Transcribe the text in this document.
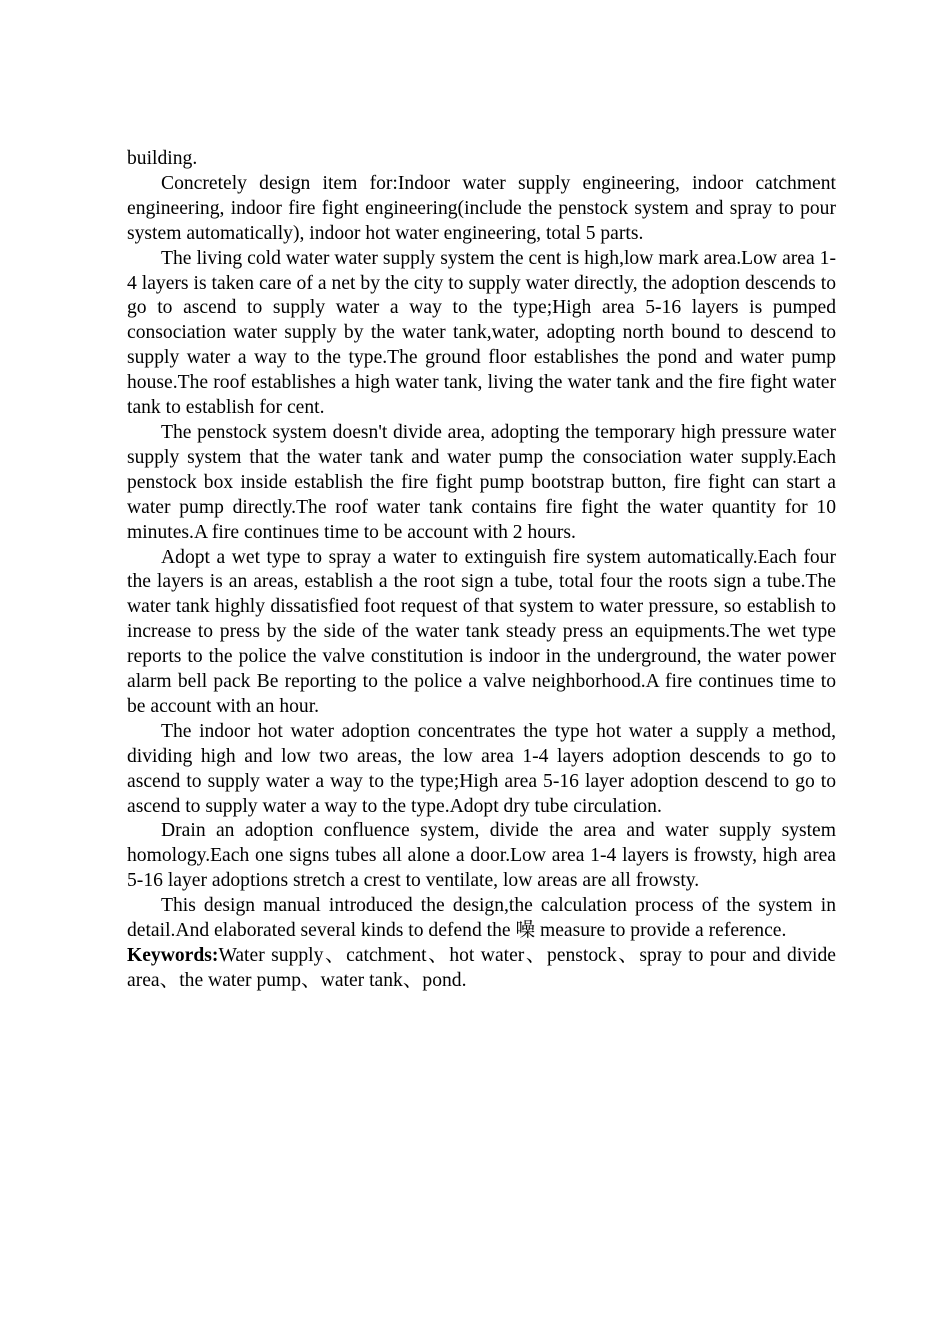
building.

Concretely design item for:Indoor water supply engineering, indoor catchment engineering, indoor fire fight engineering(include the penstock system and spray to pour system automatically), indoor hot water engineering, total 5 parts.

The living cold water water supply system the cent is high,low mark area.Low area 1-4 layers is taken care of a net by the city to supply water directly, the adoption descends to go to ascend to supply water a way to the type;High area 5-16 layers is pumped consociation water supply by the water tank,water, adopting north bound to descend to supply water a way to the type.The ground floor establishes the pond and water pump house.The roof establishes a high water tank, living the water tank and the fire fight water tank to establish for cent.

The penstock system doesn't divide area, adopting the temporary high pressure water supply system that the water tank and water pump the consociation water supply.Each penstock box inside establish the fire fight pump bootstrap button, fire fight can start a water pump directly.The roof water tank contains fire fight the water quantity for 10 minutes.A fire continues time to be account with 2 hours.

Adopt a wet type to spray a water to extinguish fire system automatically.Each four the layers is an areas, establish a the root sign a tube, total four the roots sign a tube.The water tank highly dissatisfied foot request of that system to water pressure, so establish to increase to press by the side of the water tank steady press an equipments.The wet type reports to the police the valve constitution is indoor in the underground, the water power alarm bell pack Be reporting to the police a valve neighborhood.A fire continues time to be account with an hour.

The indoor hot water adoption concentrates the type hot water a supply a method, dividing high and low two areas, the low area 1-4 layers adoption descends to go to ascend to supply water a way to the type;High area 5-16 layer adoption descend to go to ascend to supply water a way to the type.Adopt dry tube circulation.

Drain an adoption confluence system, divide the area and water supply system homology.Each one signs tubes all alone a door.Low area 1-4 layers is frowsty, high area 5-16 layer adoptions stretch a crest to ventilate, low areas are all frowsty.

This design manual introduced the design,the calculation process of the system in detail.And elaborated several kinds to defend the 噪 measure to provide a reference.

Keywords:Water supply、catchment、hot water、penstock、spray to pour and divide area、the water pump、water tank、pond.
